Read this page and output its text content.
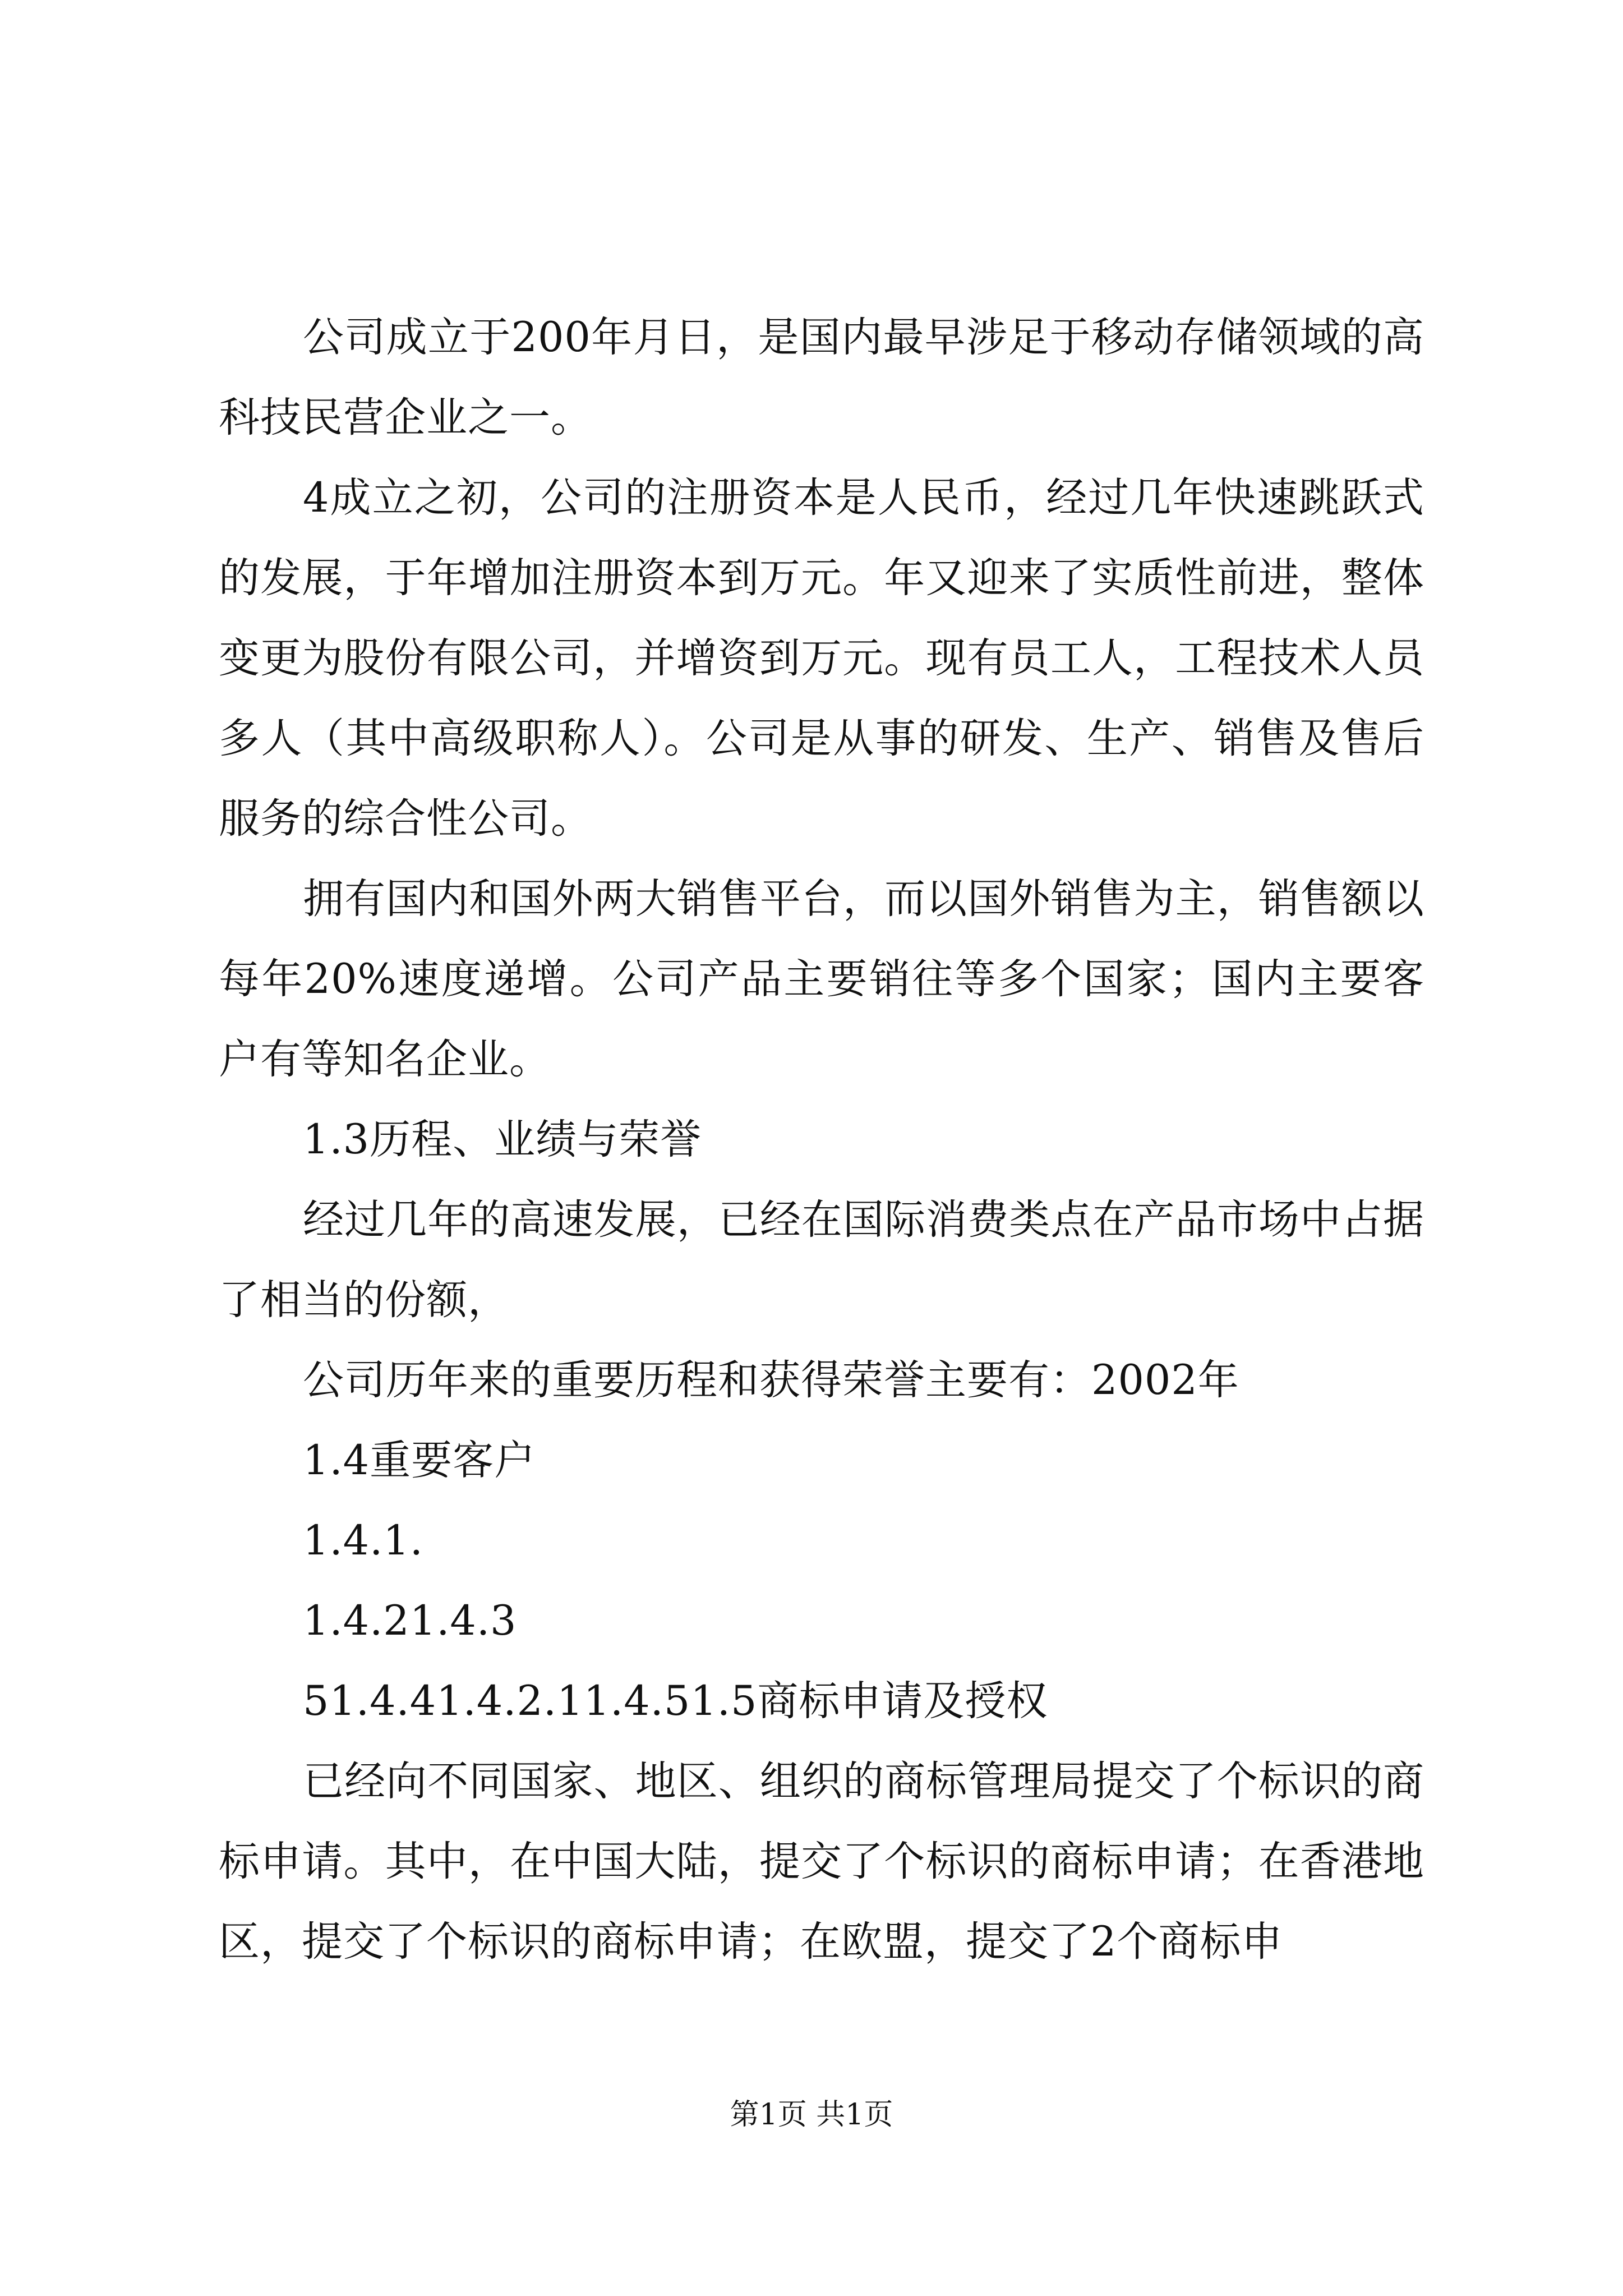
公司成立于200年月日，是国内最早涉足于移动存储领域的高科技民营企业之一。

4成立之初，公司的注册资本是人民币，经过几年快速跳跃式的发展，于年增加注册资本到万元。年又迎来了实质性前进，整体变更为股份有限公司，并增资到万元。现有员工人，工程技术人员多人（其中高级职称人）。公司是从事的研发、生产、销售及售后服务的综合性公司。

拥有国内和国外两大销售平台，而以国外销售为主，销售额以每年20%速度递增。公司产品主要销往等多个国家；国内主要客户有等知名企业。

1.3历程、业绩与荣誉

经过几年的高速发展，已经在国际消费类点在产品市场中占据了相当的份额，

公司历年来的重要历程和获得荣誉主要有：2002年

1.4重要客户

1.4.1.

1.4.21.4.3

51.4.41.4.2.11.4.51.5商标申请及授权

已经向不同国家、地区、组织的商标管理局提交了个标识的商标申请。其中，在中国大陆，提交了个标识的商标申请；在香港地区，提交了个标识的商标申请；在欧盟，提交了2个商标申

第1页 共1页
